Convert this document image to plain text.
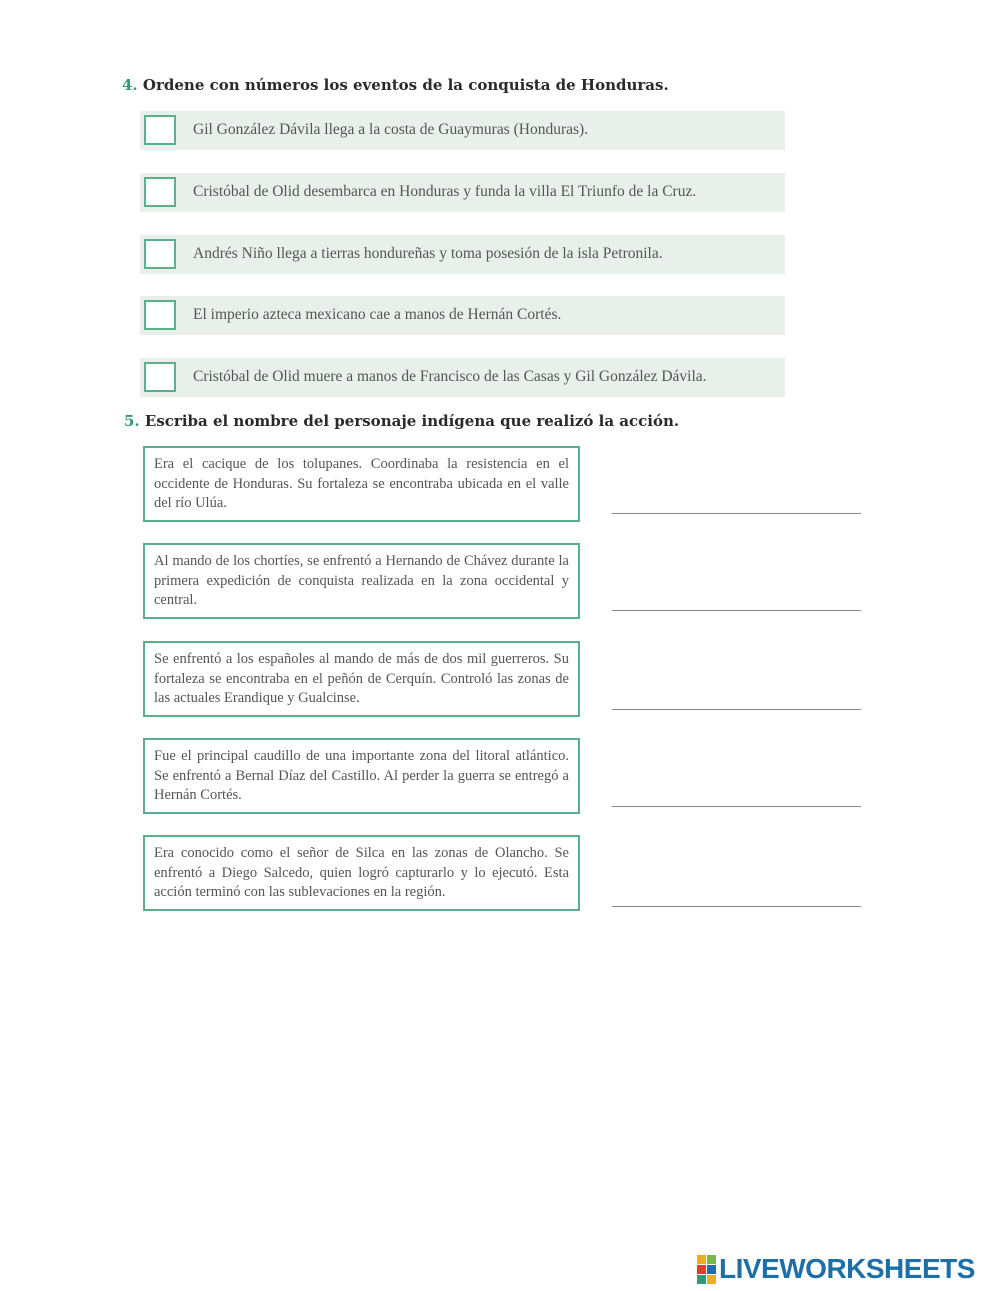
4. Ordene con números los eventos de la conquista de Honduras.
Gil González Dávila llega a la costa de Guaymuras (Honduras).
Cristóbal de Olid desembarca en Honduras y funda la villa El Triunfo de la Cruz.
Andrés Niño llega a tierras hondureñas y toma posesión de la isla Petronila.
El imperio azteca mexicano cae a manos de Hernán Cortés.
Cristóbal de Olid muere a manos de Francisco de las Casas y Gil González Dávila.
5. Escriba el nombre del personaje indígena que realizó la acción.
Era el cacique de los tolupanes. Coordinaba la resistencia en el occidente de Honduras. Su fortaleza se encontraba ubicada en el valle del río Ulúa.
Al mando de los chortíes, se enfrentó a Hernando de Chávez durante la primera expedición de conquista realizada en la zona occidental y central.
Se enfrentó a los españoles al mando de más de dos mil guerreros. Su fortaleza se encontraba en el peñón de Cerquín. Controló las zonas de las actuales Erandique y Gualcinse.
Fue el principal caudillo de una importante zona del litoral atlántico. Se enfrentó a Bernal Díaz del Castillo. Al perder la guerra se entregó a Hernán Cortés.
Era conocido como el señor de Silca en las zonas de Olancho. Se enfrentó a Diego Salcedo, quien logró capturarlo y lo ejecutó. Esta acción terminó con las sublevaciones en la región.
LIVEWORKSHEETS
